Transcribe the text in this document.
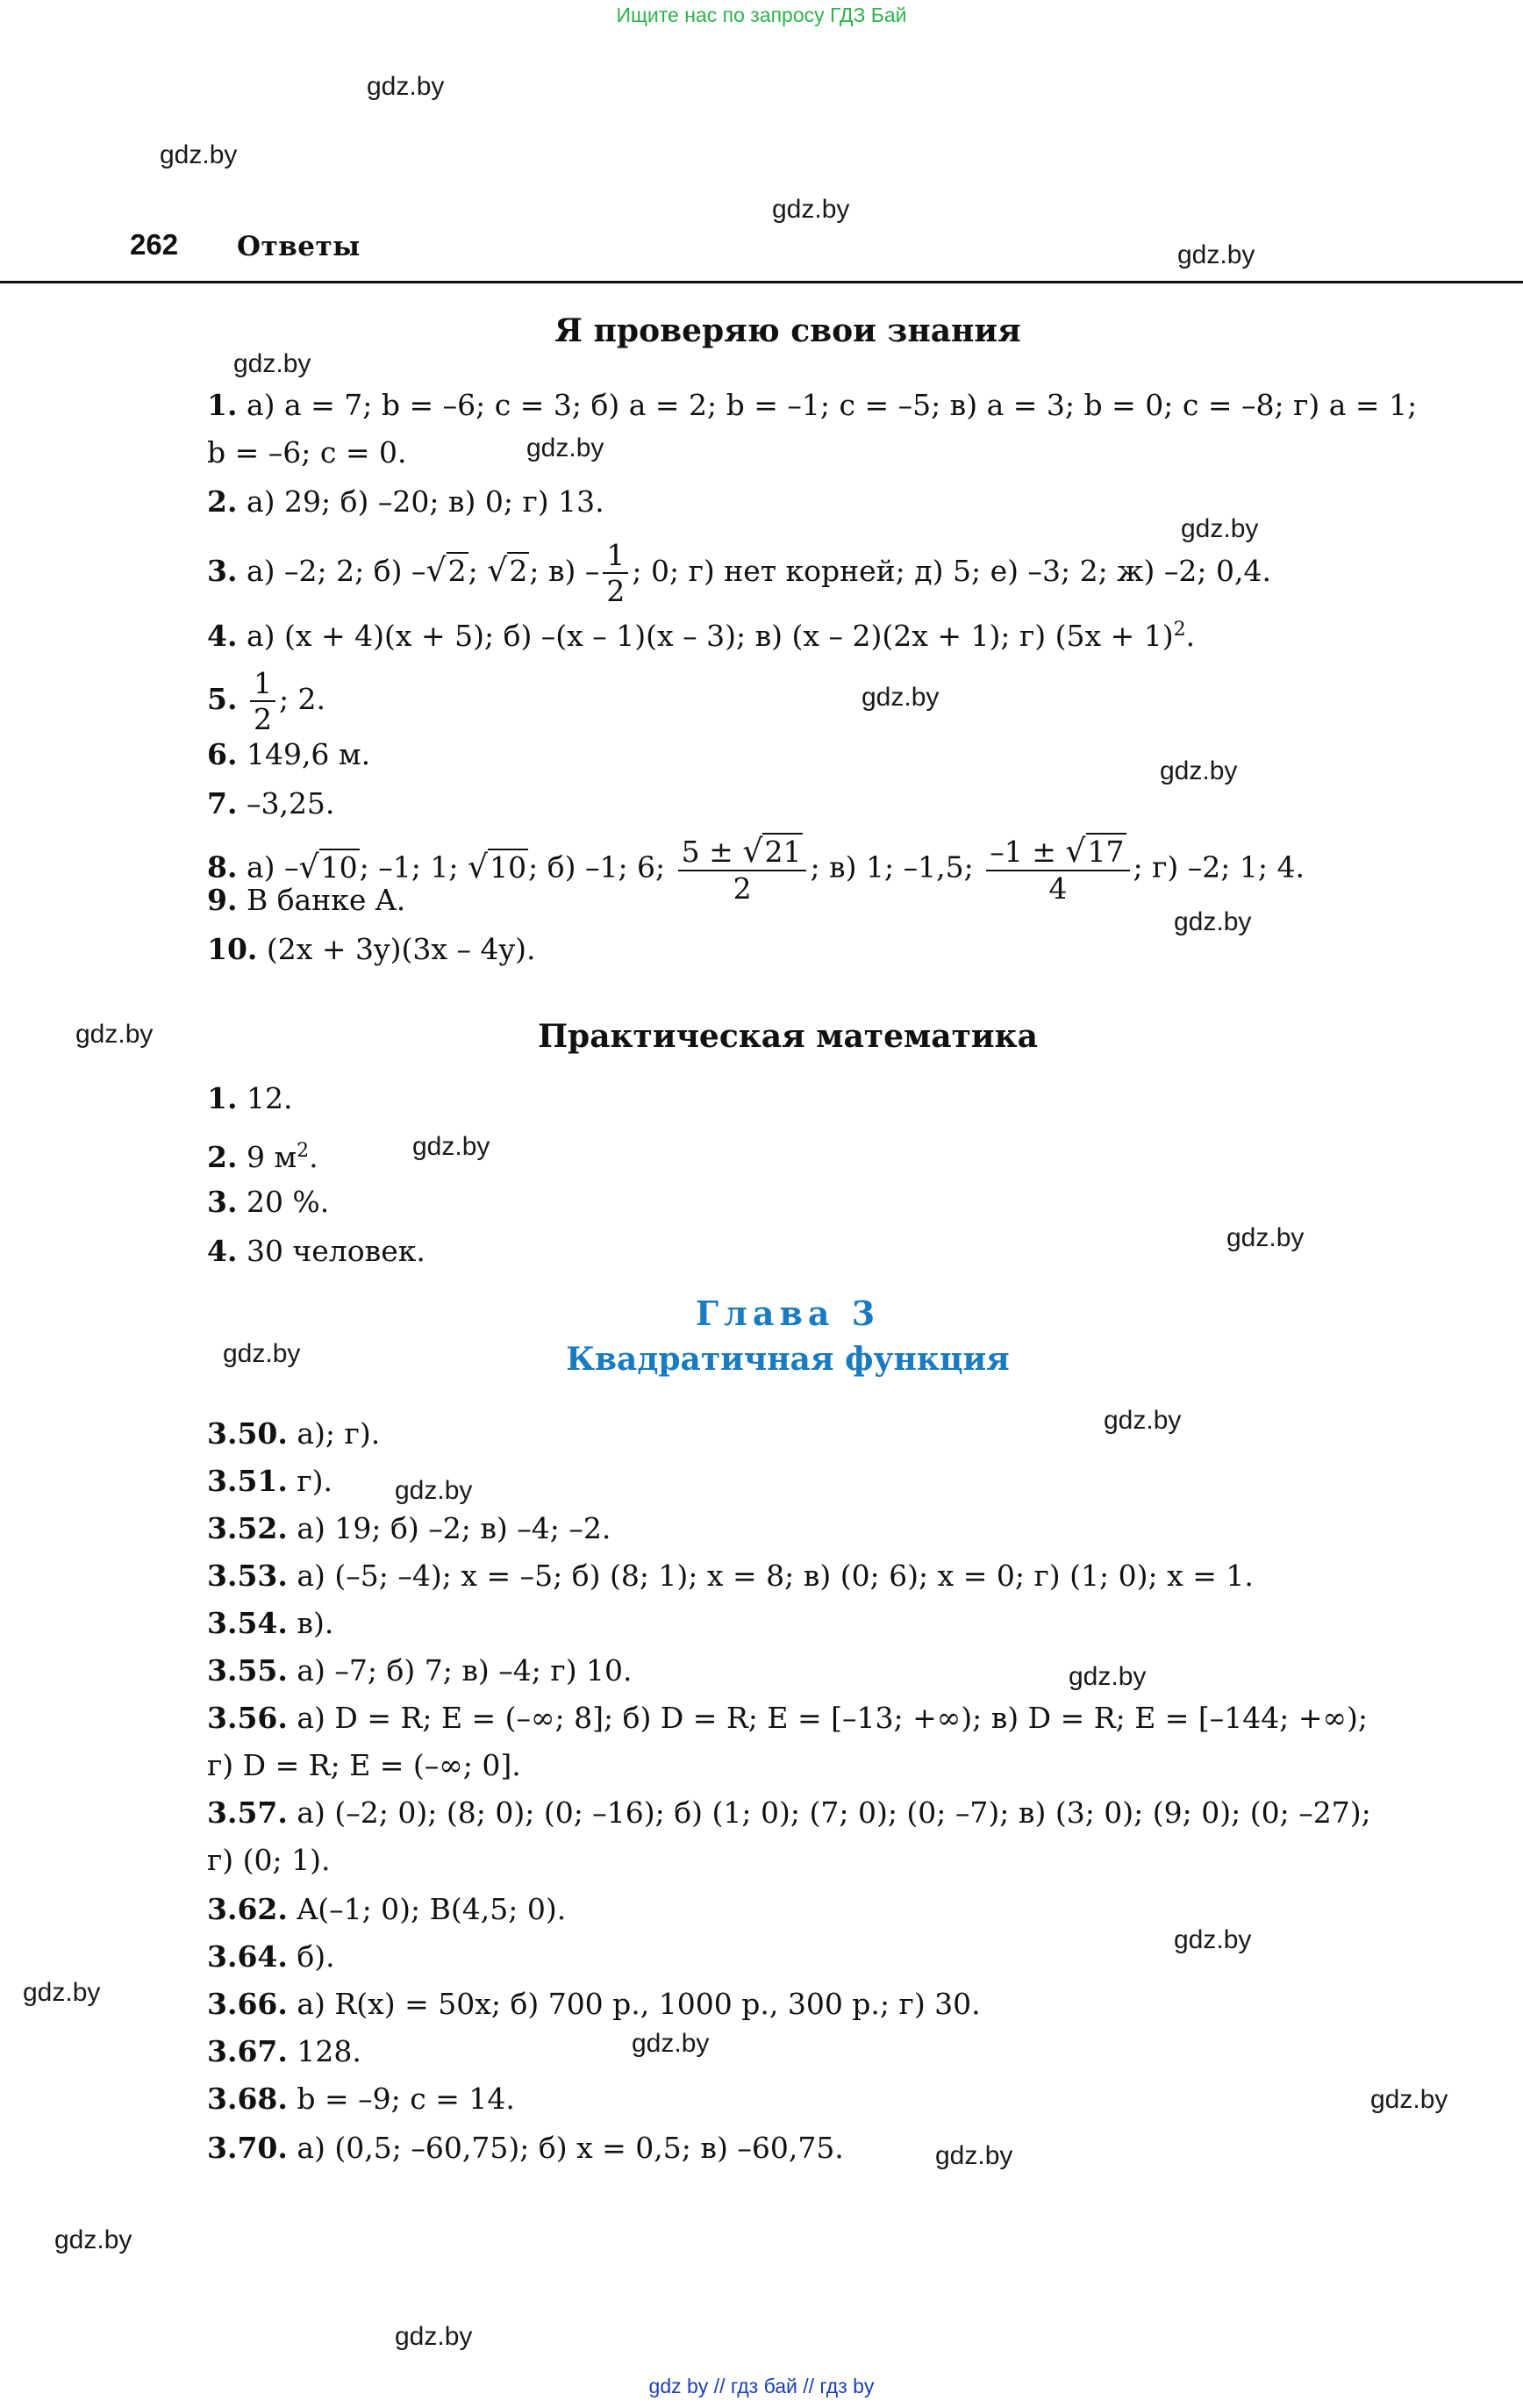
Ищите нас по запросу ГДЗ Бай
gdz.by
gdz.by
gdz.by
gdz.by
gdz.by
gdz.by
gdz.by
gdz.by
gdz.by
gdz.by
gdz.by
gdz.by
gdz.by
gdz.by
gdz.by
gdz.by
gdz.by
gdz.by
gdz.by
gdz.by
gdz.by
gdz.by
gdz.by
gdz.by
262 Ответы
Я проверяю свои знания
1. а) a = 7; b = –6; c = 3; б) a = 2; b = –1; c = –5; в) a = 3; b = 0; c = –8; г) a = 1;
b = –6; c = 0.
2. а) 29; б) –20; в) 0; г) 13.
3. а) –2; 2; б) –√2; √2; $в) - \frac{1}{2}$ ; 0; г) нет корней; д) 5; е) –3; 2; ж) –2; 0,4.
4. а) (x + 4)(x + 5); б) –(x – 1)(x – 3); в) (x – 2)(2x + 1); г) $(5x + 1)^2$.
5. $\frac{1}{2}$ ; 2.
6. 149,6 м.
7. –3,25.
8. а) –√10; –1; 1; √10; б) –1; 6; $\frac{5 \pm √21}{2}$ ; в) 1; –1,5; $\frac{-1 \pm √17}{4}$ ; г) –2; 1; 4.
9. В банке A.
10. (2x + 3y)(3x – 4y).
Практическая математика
1. 12.
2. 9 $м^2$.
3. 20 %.
4. 30 человек.
Глава 3
Квадратичная функция
3.50. а); г).
3.51. г).
3.52. а) 19; б) –2; в) –4; –2.
3.53. а) (–5; –4); x = –5; б) (8; 1); x = 8; в) (0; 6); x = 0; г) (1; 0); x = 1.
3.54. в).
3.55. а) –7; б) 7; в) –4; г) 10.
3.56. а) D = R; E = (–∞; 8]; б) D = R; E = [–13; +∞); в) D = R; E = [–144; +∞);
г) D = R; E = (–∞; 0].
3.57. а) (–2; 0); (8; 0); (0; –16); б) (1; 0); (7; 0); (0; –7); в) (3; 0); (9; 0); (0; –27);
г) (0; 1).
3.62. A(–1; 0); B(4,5; 0).
3.64. б).
3.66. а) R(x) = 50x; б) 700 р., 1000 р., 300 р.; г) 30.
3.67. 128.
3.68. b = –9; c = 14.
3.70. а) (0,5; –60,75); б) x = 0,5; в) –60,75.
gdz by // гдз бай // гдз by
